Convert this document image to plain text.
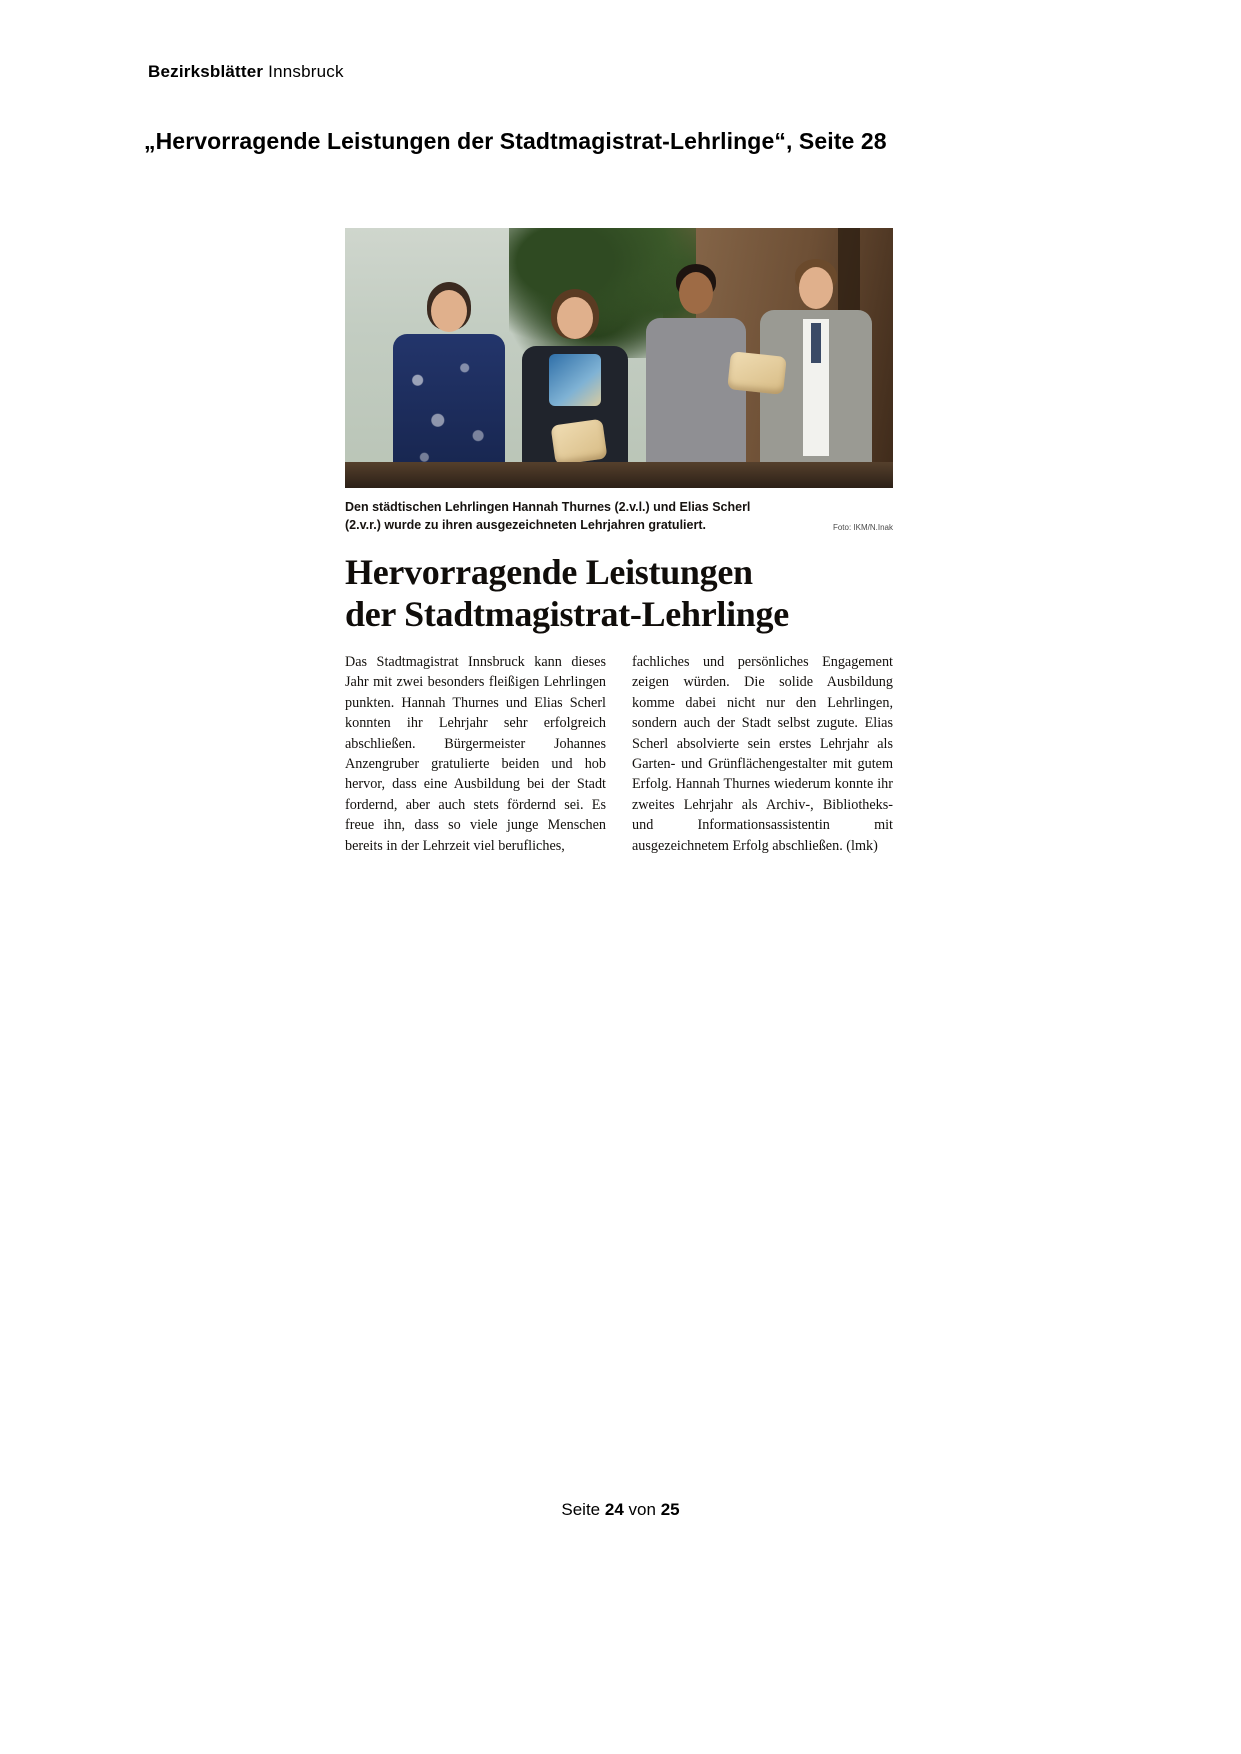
Bezirksblätter Innsbruck
„Hervorragende Leistungen der Stadtmagistrat-Lehrlinge“, Seite 28
Den städtischen Lehrlingen Hannah Thurnes (2.v.l.) und Elias Scherl (2.v.r.) wurde zu ihren ausgezeichneten Lehrjahren gratuliert.	Foto: IKM/N.Inak
Hervorragende Leistungen
der Stadtmagistrat-Lehrlinge
Das Stadtmagistrat Innsbruck kann dieses Jahr mit zwei besonders fleißigen Lehrlingen punkten. Hannah Thurnes und Elias Scherl konnten ihr Lehrjahr sehr erfolgreich abschließen. Bürgermeister Johannes Anzengruber gratulierte beiden und hob hervor, dass eine Ausbildung bei der Stadt fordernd, aber auch stets fördernd sei. Es freue ihn, dass so viele junge Menschen bereits in der Lehrzeit viel berufliches,
fachliches und persönliches Engagement zeigen würden. Die solide Ausbildung komme dabei nicht nur den Lehrlingen, sondern auch der Stadt selbst zugute. Elias Scherl absolvierte sein erstes Lehrjahr als Garten- und Grünflächengestalter mit gutem Erfolg. Hannah Thurnes wiederum konnte ihr zweites Lehrjahr als Archiv-, Bibliotheks- und Informationsassistentin mit ausgezeichnetem Erfolg abschließen. (lmk)
Seite 24 von 25
